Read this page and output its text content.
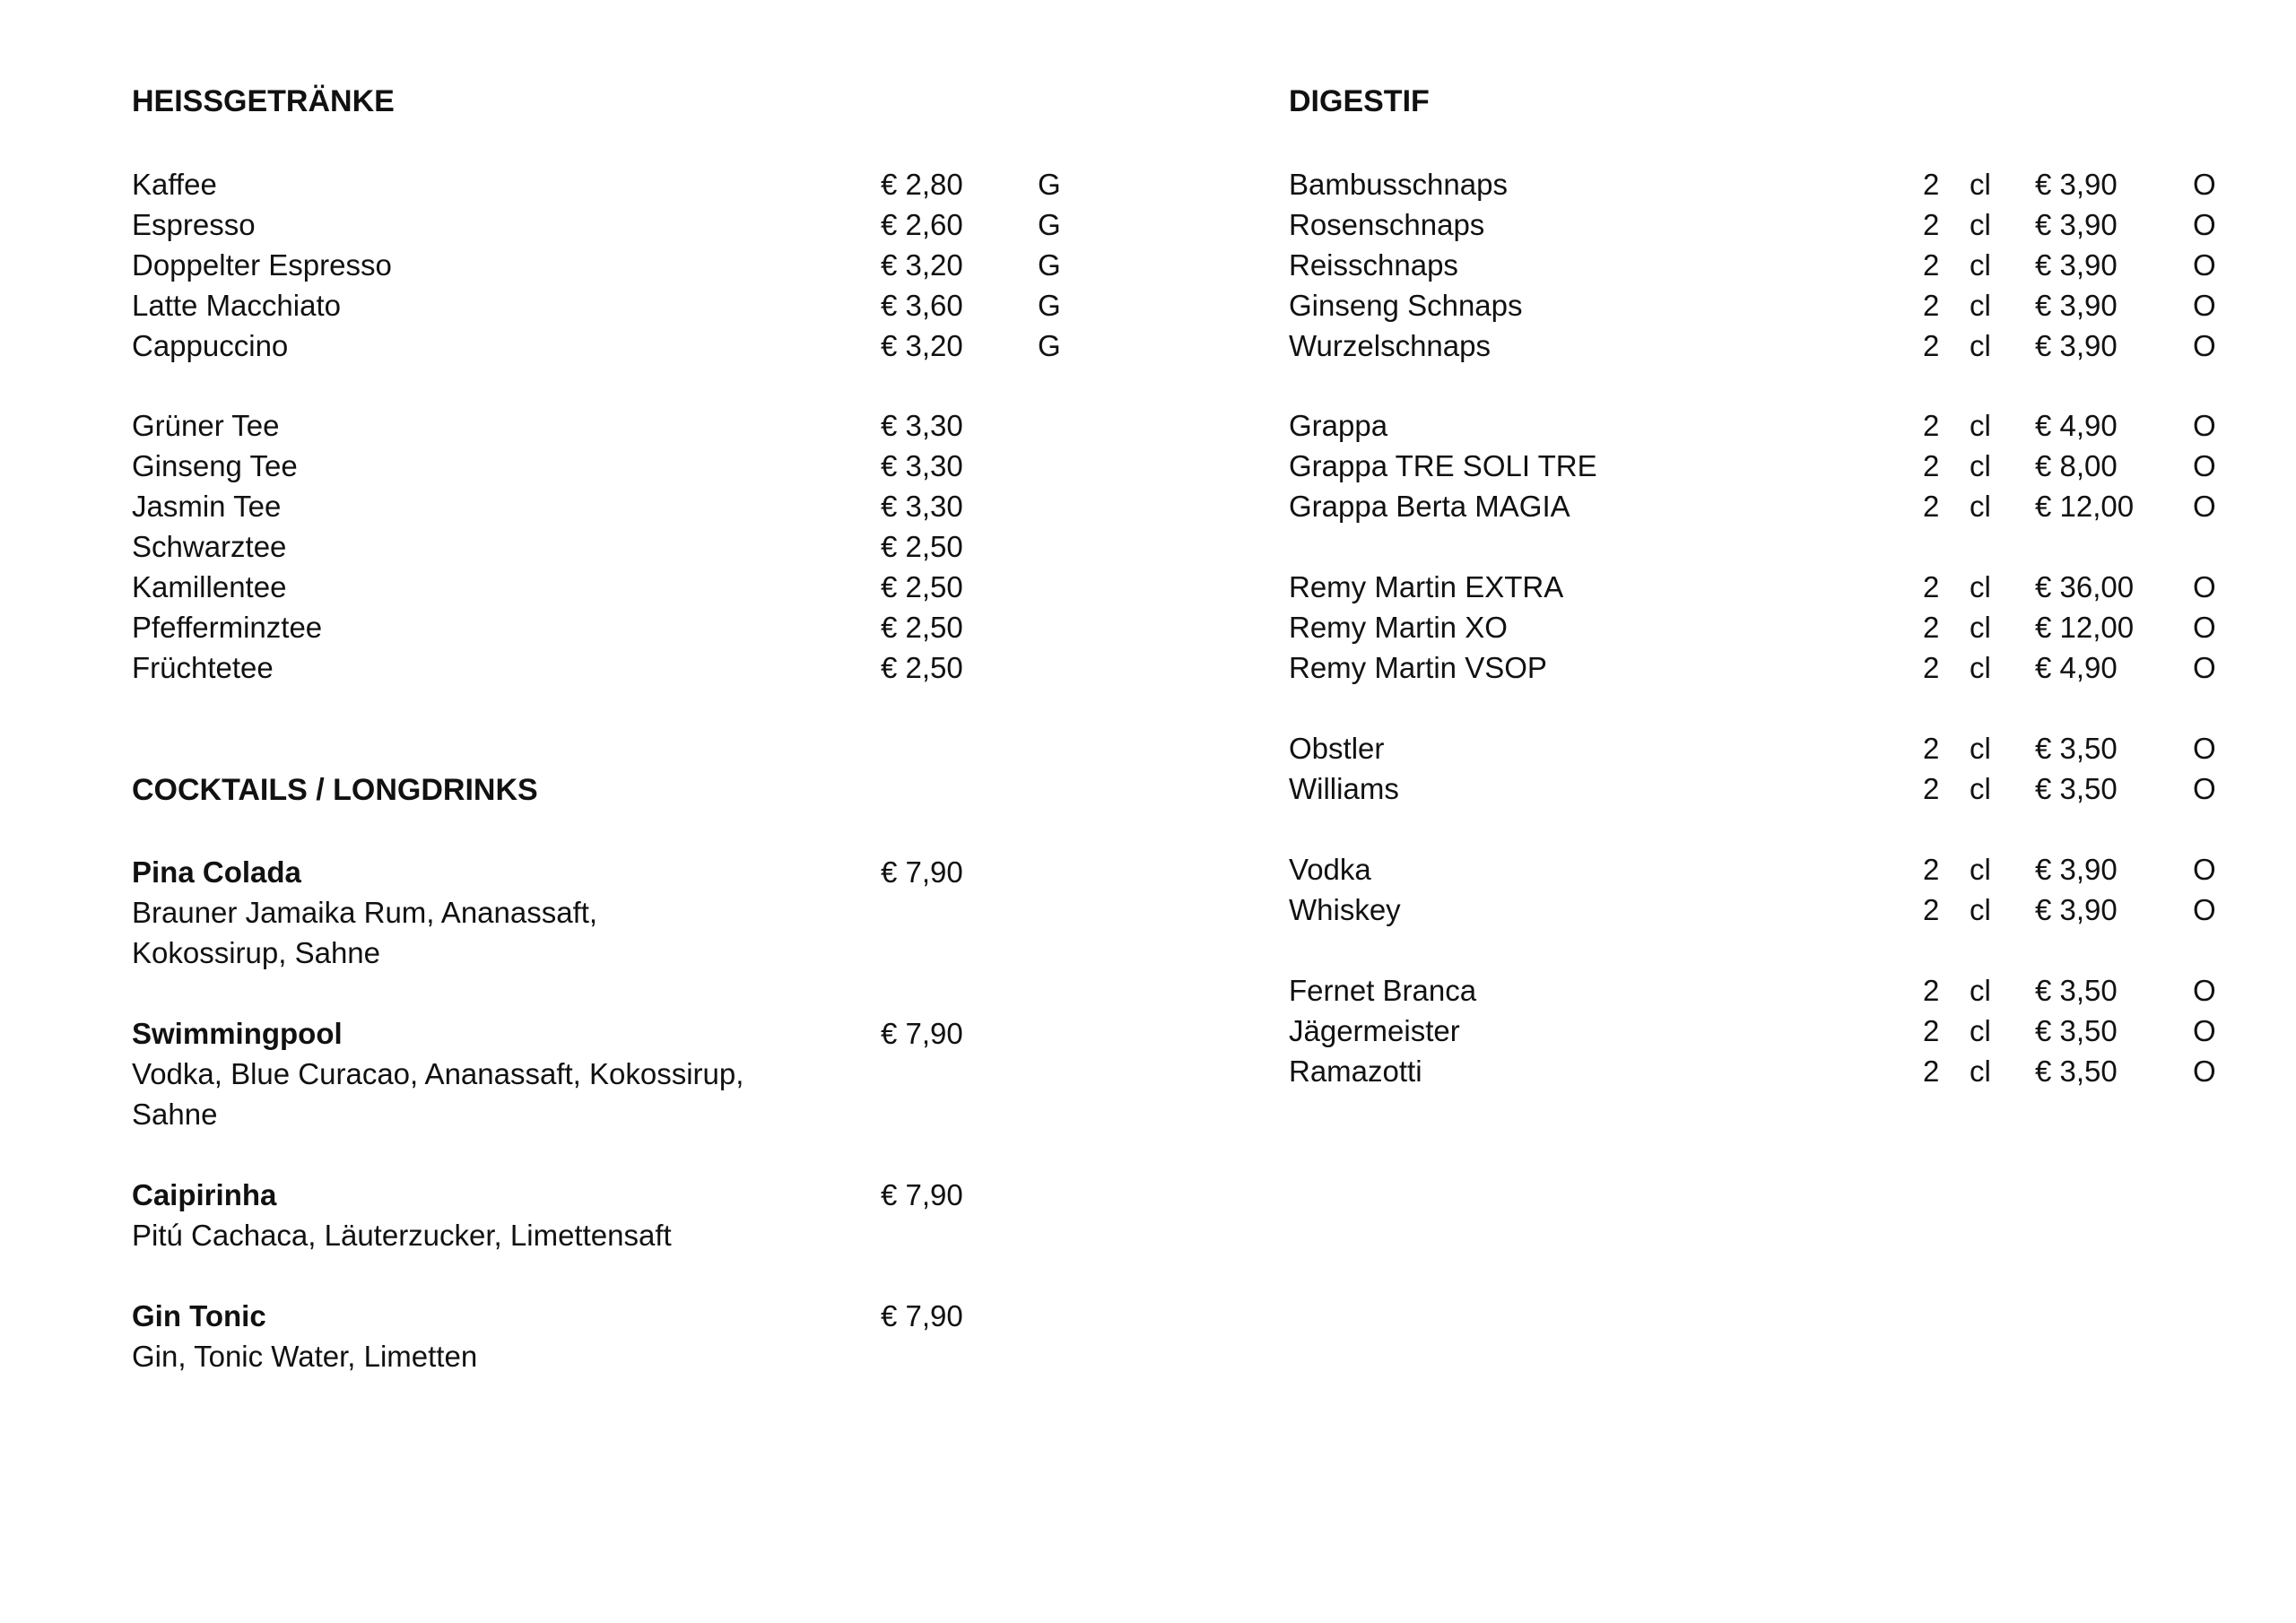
HEISSGETRÄNKE
Kaffee	€ 2,80	G
Espresso	€ 2,60	G
Doppelter Espresso	€ 3,20	G
Latte Macchiato	€ 3,60	G
Cappuccino	€ 3,20	G
Grüner Tee	€ 3,30
Ginseng Tee	€ 3,30
Jasmin Tee	€ 3,30
Schwarztee	€ 2,50
Kamillentee	€ 2,50
Pfefferminztee	€ 2,50
Früchtetee	€ 2,50
COCKTAILS / LONGDRINKS
Pina Colada	€ 7,90
Brauner Jamaika Rum, Ananassaft, Kokossirup, Sahne
Swimmingpool	€ 7,90
Vodka, Blue Curacao, Ananassaft, Kokossirup, Sahne
Caipirinha	€ 7,90
Pitú Cachaca, Läuterzucker, Limettensaft
Gin Tonic	€ 7,90
Gin, Tonic Water, Limetten
DIGESTIF
Bambusschnaps	2 cl € 3,90	O
Rosenschnaps	2 cl € 3,90	O
Reisschnaps	2 cl € 3,90	O
Ginseng Schnaps	2 cl € 3,90	O
Wurzelschnaps	2 cl € 3,90	O
Grappa	2 cl € 4,90	O
Grappa TRE SOLI TRE	2 cl € 8,00	O
Grappa Berta MAGIA	2 cl € 12,00 O
Remy Martin EXTRA	2 cl € 36,00 O
Remy Martin XO	2 cl € 12,00 O
Remy Martin VSOP	2 cl € 4,90	O
Obstler	2 cl € 3,50	O
Williams	2 cl € 3,50	O
Vodka	2 cl € 3,90	O
Whiskey	2 cl € 3,90	O
Fernet Branca	2 cl € 3,50	O
Jägermeister	2 cl € 3,50	O
Ramazotti	2 cl € 3,50	O
